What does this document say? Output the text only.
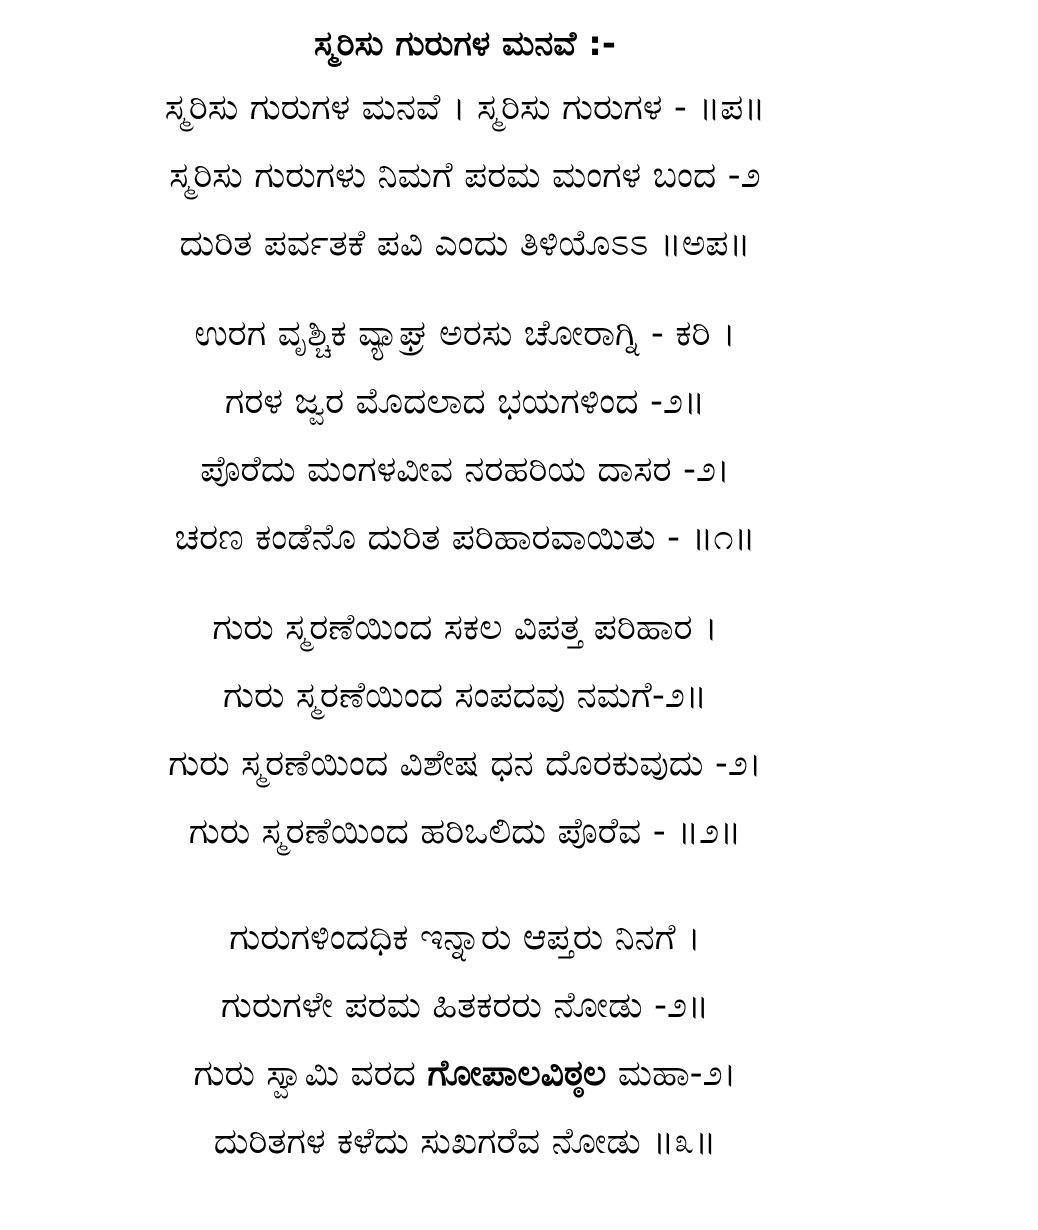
ಸ್ಮರಿಸು ಗುರುಗಳ ಮನವೆ :-
ಸ್ಮರಿಸು ಗುರುಗಳ ಮನವೆ । ಸ್ಮರಿಸು ಗುರುಗಳ - ॥ಪ॥
ಸ್ಮರಿಸು ಗುರುಗಳು ನಿಮಗೆ ಪರಮ ಮಂಗಳ ಬಂದ -೨
ದುರಿತ ಪರ್ವತಕೆ ಪವಿ ಎಂದು ತಿಳಿಯೊಽಽ ॥ಅಪ॥
ಉರಗ ವೃಶ್ಚಿಕ ವ್ಯಾಘ್ರ ಅರಸು ಚೋರಾಗ್ನಿ - ಕರಿ ।
ಗರಳ ಜ್ವರ ಮೊದಲಾದ ಭಯಗಳಿಂದ -೨॥
ಪೊರೆದು ಮಂಗಳವೀವ ನರಹರಿಯ ದಾಸರ -೨।
ಚರಣ ಕಂಡೆನೊ ದುರಿತ ಪರಿಹಾರವಾಯಿತು - ॥೧॥
ಗುರು ಸ್ಮರಣೆಯಿಂದ ಸಕಲ ವಿಪತ್ತ ಪರಿಹಾರ ।
ಗುರು ಸ್ಮರಣೆಯಿಂದ ಸಂಪದವು ನಮಗೆ-೨॥
ಗುರು ಸ್ಮರಣೆಯಿಂದ ವಿಶೇಷ ಧನ ದೊರಕುವುದು -೨।
ಗುರು ಸ್ಮರಣೆಯಿಂದ ಹರಿಒಲಿದು ಪೊರೆವ - ॥೨॥
ಗುರುಗಳಿಂದಧಿಕ ಇನ್ನಾರು ಆಪ್ತರು ನಿನಗೆ ।
ಗುರುಗಳೇ ಪರಮ ಹಿತಕರರು ನೋಡು -೨॥
ಗುರು ಸ್ವಾಮಿ ವರದ ಗೋಪಾಲವಿಠ್ಠಲ ಮಹಾ-೨।
ದುರಿತಗಳ ಕಳೆದು ಸುಖಗರೆವ ನೋಡು ॥೩॥
